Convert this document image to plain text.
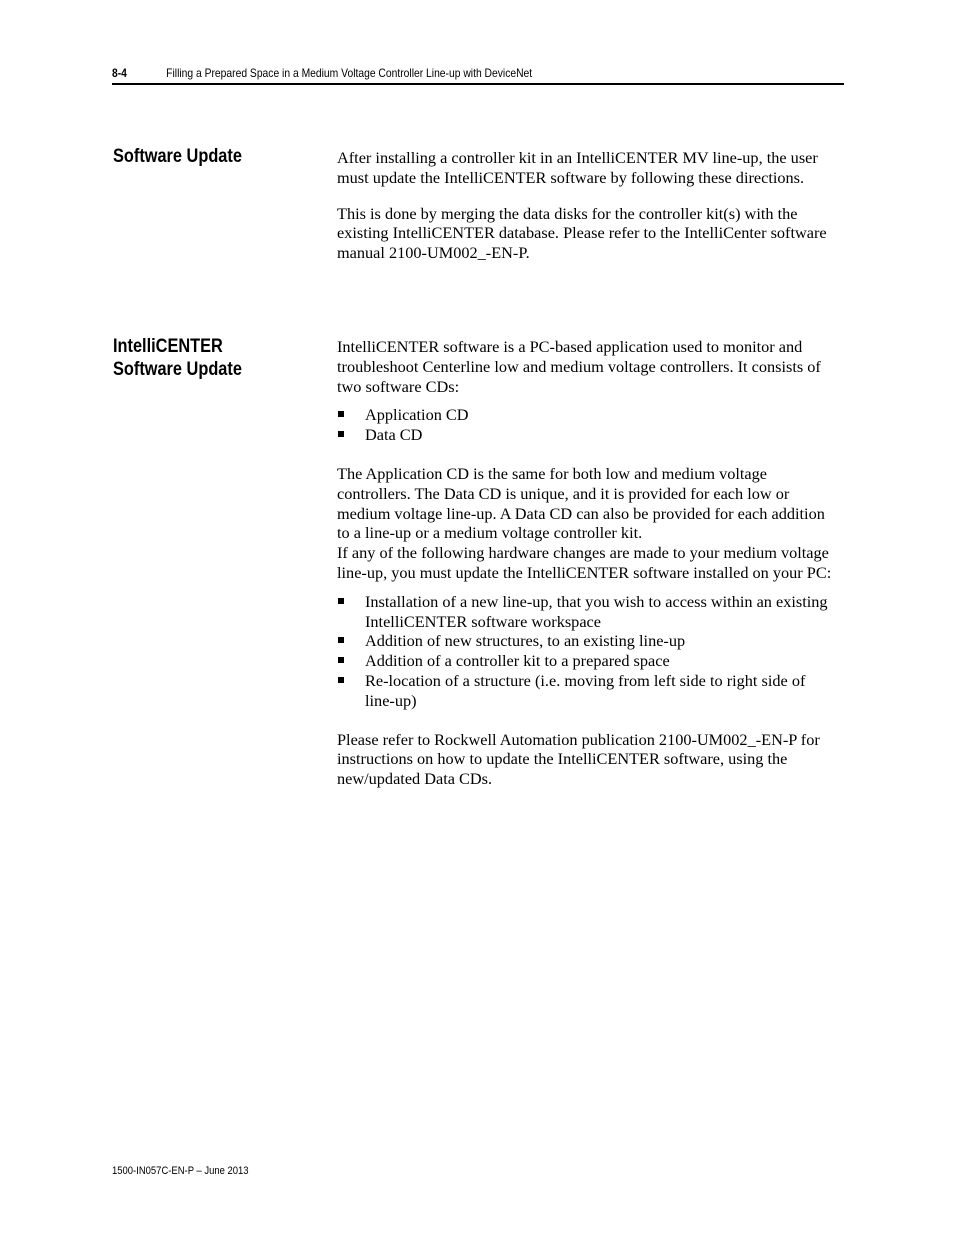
8-4	Filling a Prepared Space in a Medium Voltage Controller Line-up with DeviceNet
Software Update	After installing a controller kit in an IntelliCENTER MV line-up, the user must update the IntelliCENTER software by following these directions.

This is done by merging the data disks for the controller kit(s) with the existing IntelliCENTER database. Please refer to the IntelliCenter software manual 2100-UM002_-EN-P.

IntelliCENTER
Software Update

IntelliCENTER software is a PC-based application used to monitor and troubleshoot Centerline low and medium voltage controllers. It consists of two software CDs:

Application CD
Data CD

The Application CD is the same for both low and medium voltage controllers. The Data CD is unique, and it is provided for each low or medium voltage line-up. A Data CD can also be provided for each addition to a line-up or a medium voltage controller kit.

If any of the following hardware changes are made to your medium voltage line-up, you must update the IntelliCENTER software installed on your PC:

Installation of a new line-up, that you wish to access within an existing IntelliCENTER software workspace
Addition of new structures, to an existing line-up
Addition of a controller kit to a prepared space
Re-location of a structure (i.e. moving from left side to right side of line-up)

Please refer to Rockwell Automation publication 2100-UM002_-EN-P for instructions on how to update the IntelliCENTER software, using the new/updated Data CDs.

1500-IN057C-EN-P – June 2013
